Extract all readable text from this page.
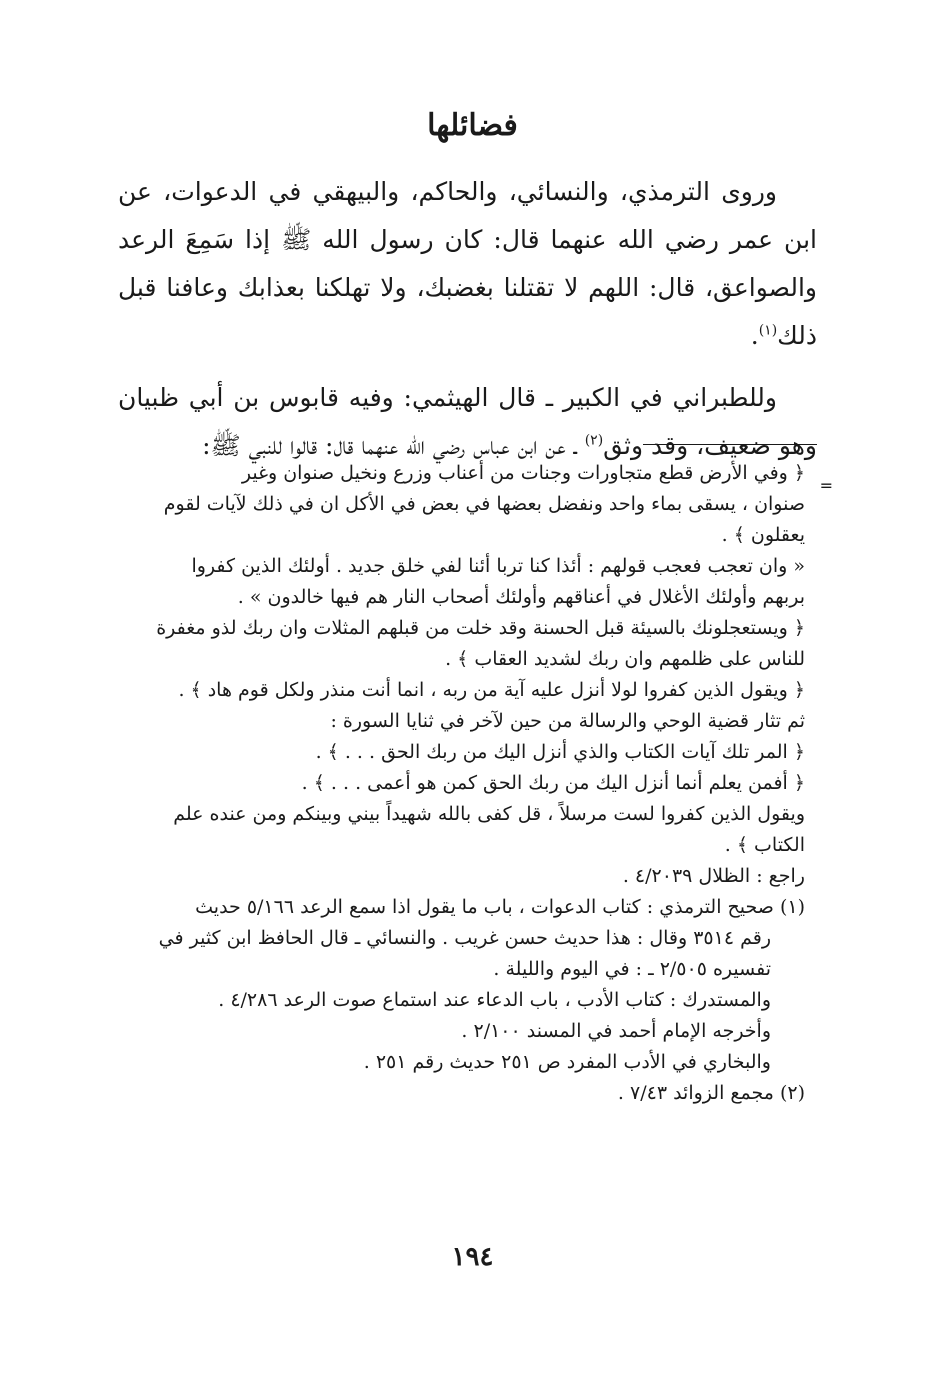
فضائلها

وروى الترمذي، والنسائي، والحاكم، والبيهقي في الدعوات، عن ابن عمر رضي الله عنهما قال: كان رسول الله ﷺ إذا سَمِعَ الرعد والصواعق، قال: اللهم لا تقتلنا بغضبك، ولا تهلكنا بعذابك وعافنا قبل ذلك$^{(١)}$.

وللطبراني في الكبير ـ قال الهيثمي: وفيه قابوس بن أبي ظبيان وهو ضعيف، وقد وثق$^{(٢)}$ ـ عن ابن عباس رضي الله عنهما قال: قالوا للنبي ﷺ:

=
﴿ وفي الأرض قطع متجاورات وجنات من أعناب وزرع ونخيل صنوان وغير
صنوان ، يسقى بماء واحد ونفضل بعضها في بعض في الأكل ان في ذلك لآيات لقوم
يعقلون ﴾ .
« وان تعجب فعجب قولهم : أئذا كنا تربا أئنا لفي خلق جديد . أولئك الذين كفروا
بربهم وأولئك الأغلال في أعناقهم وأولئك أصحاب النار هم فيها خالدون » .
﴿ ويستعجلونك بالسيئة قبل الحسنة وقد خلت من قبلهم المثلات وان ربك لذو مغفرة
للناس على ظلمهم وان ربك لشديد العقاب ﴾ .
﴿ ويقول الذين كفروا لولا أنزل عليه آية من ربه ، انما أنت منذر ولكل قوم هاد ﴾ .
ثم تثار قضية الوحي والرسالة من حين لآخر في ثنايا السورة :
﴿ المر تلك آيات الكتاب والذي أنزل اليك من ربك الحق . . . ﴾ .
﴿ أفمن يعلم أنما أنزل اليك من ربك الحق كمن هو أعمى . . . ﴾ .
ويقول الذين كفروا لست مرسلاً ، قل كفى بالله شهيداً بيني وبينكم ومن عنده علم
الكتاب ﴾ .
راجع : الظلال ٤/٢٠٣٩ .
(١)صحيح الترمذي : كتاب الدعوات ، باب ما يقول اذا سمع الرعد ٥/١٦٦ حديث
رقم ٣٥١٤ وقال : هذا حديث حسن غريب . والنسائي ـ قال الحافظ ابن كثير في
تفسيره ٢/٥٠٥ ـ : في اليوم والليلة .
والمستدرك : كتاب الأدب ، باب الدعاء عند استماع صوت الرعد ٤/٢٨٦ .
وأخرجه الإمام أحمد في المسند ٢/١٠٠ .
والبخاري في الأدب المفرد ص ٢٥١ حديث رقم ٢٥١ .
(٢)مجمع الزوائد ٧/٤٣ .
١٩٤
